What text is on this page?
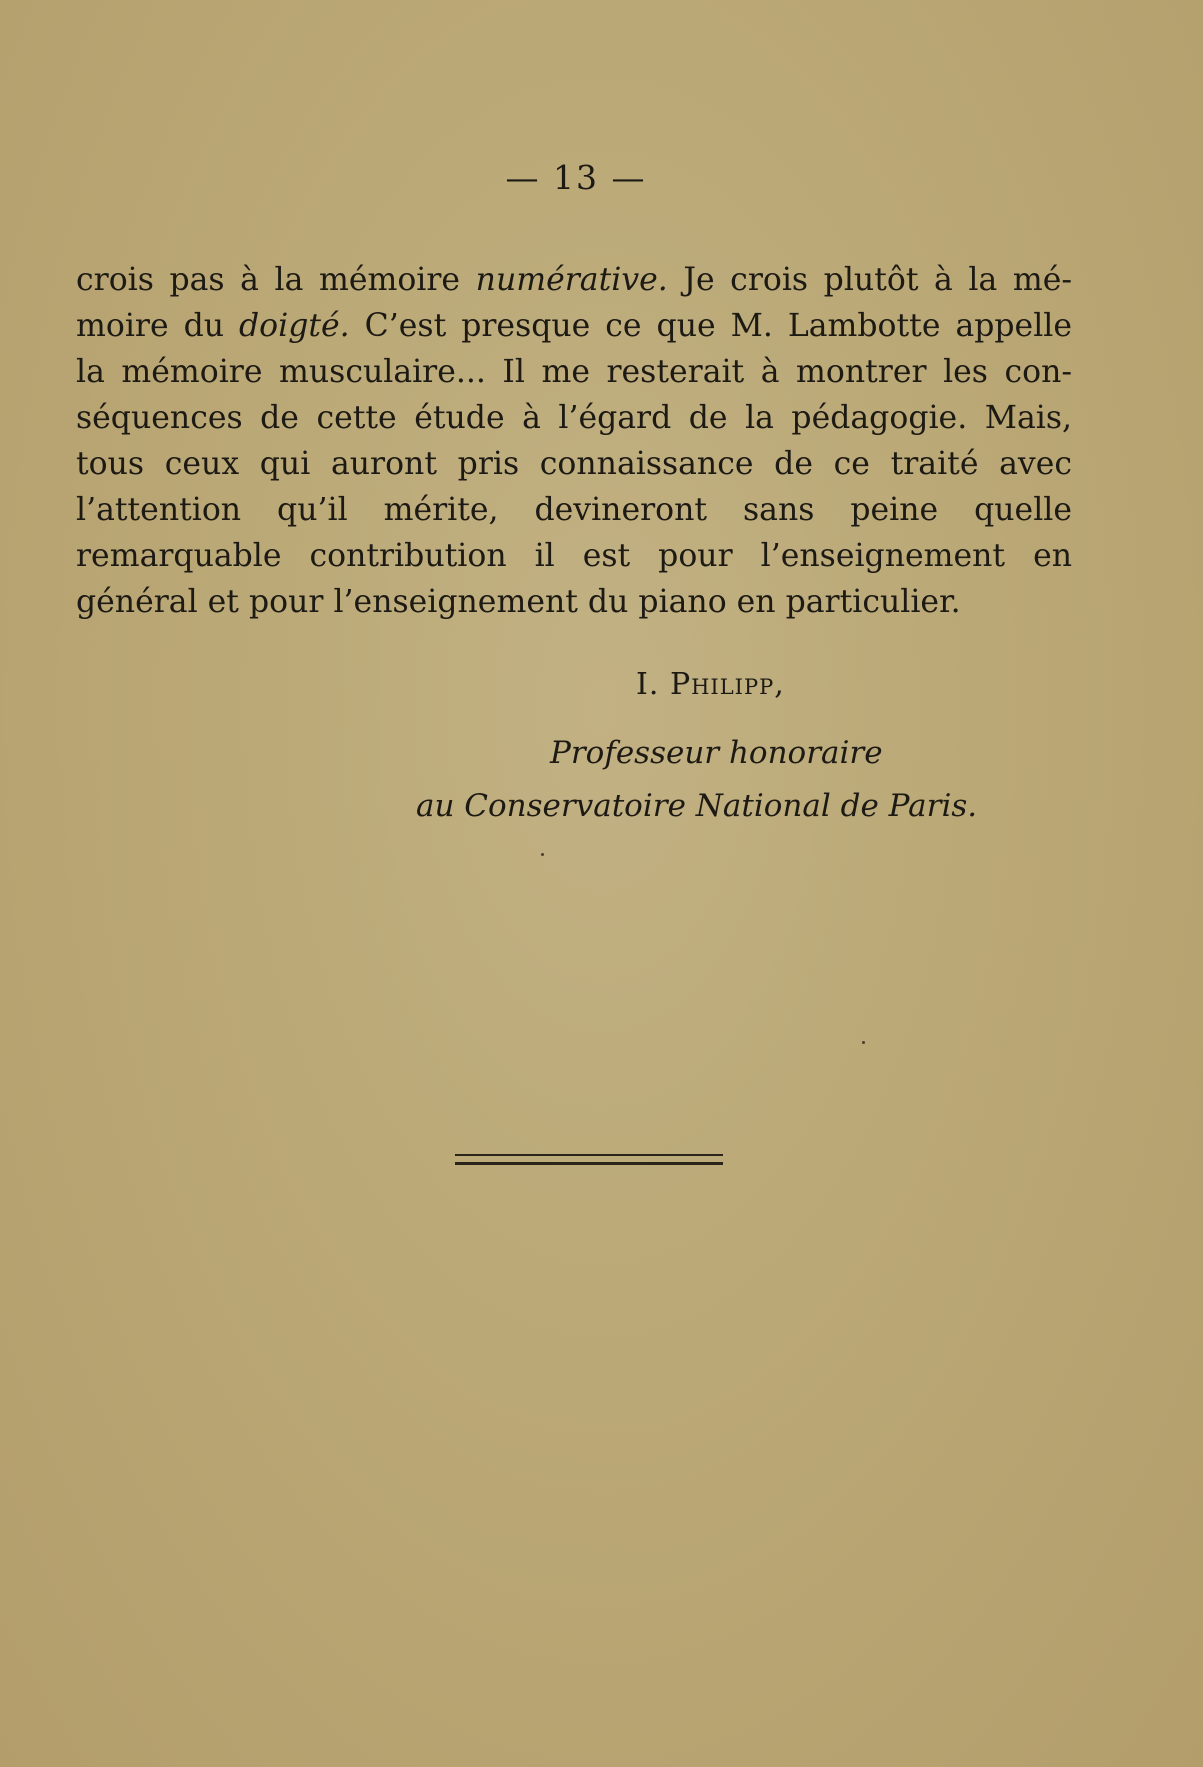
— 13 —
crois pas à la mémoire numérative. Je crois plutôt à la mé-
moire du doigté. C’est presque ce que M. Lambotte appelle
la mémoire musculaire... Il me resterait à montrer les con-
séquences de cette étude à l’égard de la pédagogie. Mais,
tous ceux qui auront pris connaissance de ce traité avec
l’attention qu’il mérite, devineront sans peine quelle
remarquable contribution il est pour l’enseignement en
général et pour l’enseignement du piano en particulier.
I. Philipp,
Professeur honoraire
au Conservatoire National de Paris.
